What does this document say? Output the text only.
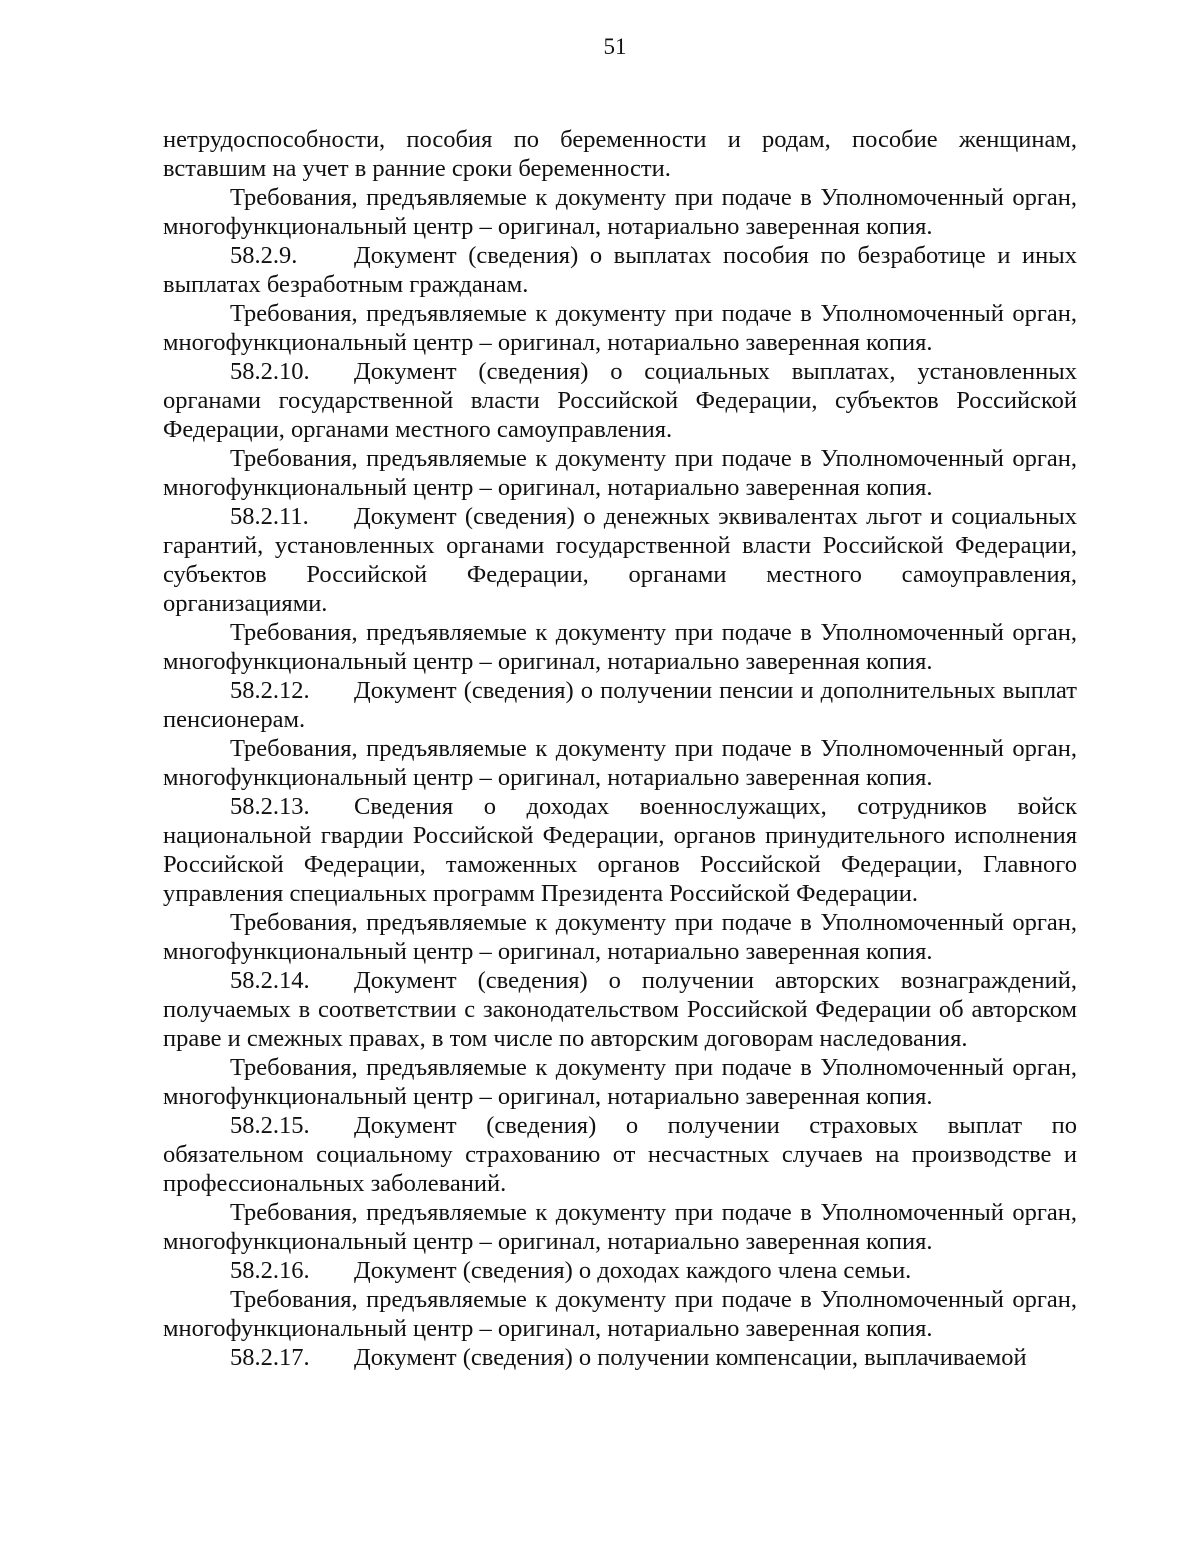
51

нетрудоспособности, пособия по беременности и родам, пособие женщинам, вставшим на учет в ранние сроки беременности.

Требования, предъявляемые к документу при подаче в Уполномоченный орган, многофункциональный центр – оригинал, нотариально заверенная копия.

58.2.9. Документ (сведения) о выплатах пособия по безработице и иных выплатах безработным гражданам.

Требования, предъявляемые к документу при подаче в Уполномоченный орган, многофункциональный центр – оригинал, нотариально заверенная копия.

58.2.10. Документ (сведения) о социальных выплатах, установленных органами государственной власти Российской Федерации, субъектов Российской Федерации, органами местного самоуправления.

Требования, предъявляемые к документу при подаче в Уполномоченный орган, многофункциональный центр – оригинал, нотариально заверенная копия.

58.2.11. Документ (сведения) о денежных эквивалентах льгот и социальных гарантий, установленных органами государственной власти Российской Федерации, субъектов Российской Федерации, органами местного самоуправления, организациями.

Требования, предъявляемые к документу при подаче в Уполномоченный орган, многофункциональный центр – оригинал, нотариально заверенная копия.

58.2.12. Документ (сведения) о получении пенсии и дополнительных выплат пенсионерам.

Требования, предъявляемые к документу при подаче в Уполномоченный орган, многофункциональный центр – оригинал, нотариально заверенная копия.

58.2.13. Сведения о доходах военнослужащих, сотрудников войск национальной гвардии Российской Федерации, органов принудительного исполнения Российской Федерации, таможенных органов Российской Федерации, Главного управления специальных программ Президента Российской Федерации.

Требования, предъявляемые к документу при подаче в Уполномоченный орган, многофункциональный центр – оригинал, нотариально заверенная копия.

58.2.14. Документ (сведения) о получении авторских вознаграждений, получаемых в соответствии с законодательством Российской Федерации об авторском праве и смежных правах, в том числе по авторским договорам наследования.

Требования, предъявляемые к документу при подаче в Уполномоченный орган, многофункциональный центр – оригинал, нотариально заверенная копия.

58.2.15. Документ (сведения) о получении страховых выплат по обязательном социальному страхованию от несчастных случаев на производстве и профессиональных заболеваний.

Требования, предъявляемые к документу при подаче в Уполномоченный орган, многофункциональный центр – оригинал, нотариально заверенная копия.

58.2.16. Документ (сведения) о доходах каждого члена семьи.

Требования, предъявляемые к документу при подаче в Уполномоченный орган, многофункциональный центр – оригинал, нотариально заверенная копия.

58.2.17. Документ (сведения) о получении компенсации, выплачиваемой
